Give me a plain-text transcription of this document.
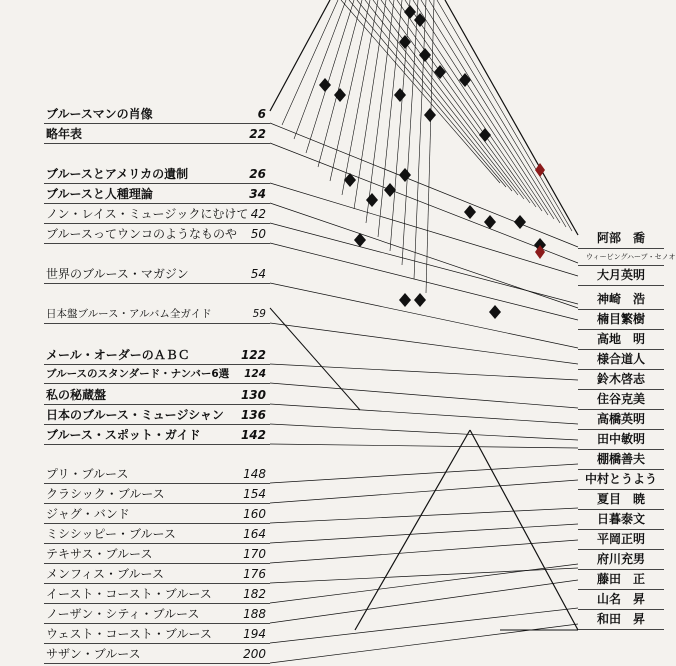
ブルースマンの肖像	6
略年表	22
ブルースとアメリカの遺制	26
ブルースと人種理論	34
ノン・レイス・ミュージックにむけて 42
ブルースってウンコのようなものや 50
世界のブルース・マガジン	54
日本盤ブルース・アルバム全ガイド	59
メール・オーダーのＡＢＣ	122
ブルースのスタンダード・ナンバー6選 124
私の秘蔵盤	130
日本のブルース・ミュージシャン 136
ブルース・スポット・ガイド	142
プリ・ブルース	148
クラシック・ブルース	154
ジャグ・バンド	160
ミシシッピー・ブルース	164
テキサス・ブルース	170
メンフィス・ブルース	176
イースト・コースト・ブルース	182
ノーザン・シティ・ブルース	188
ウェスト・コースト・ブルース	194
サザン・ブルース	200
阿部　喬
ウィービングハーブ・セノオ
大月英明
神崎　浩
楠目繁樹
高地　明
様合道人
鈴木啓志
住谷克美
高橋英明
田中敏明
棚橋善夫
中村とうよう
夏目　暁
日暮泰文
平岡正明
府川充男
藤田　正
山名　昇
和田　昇
